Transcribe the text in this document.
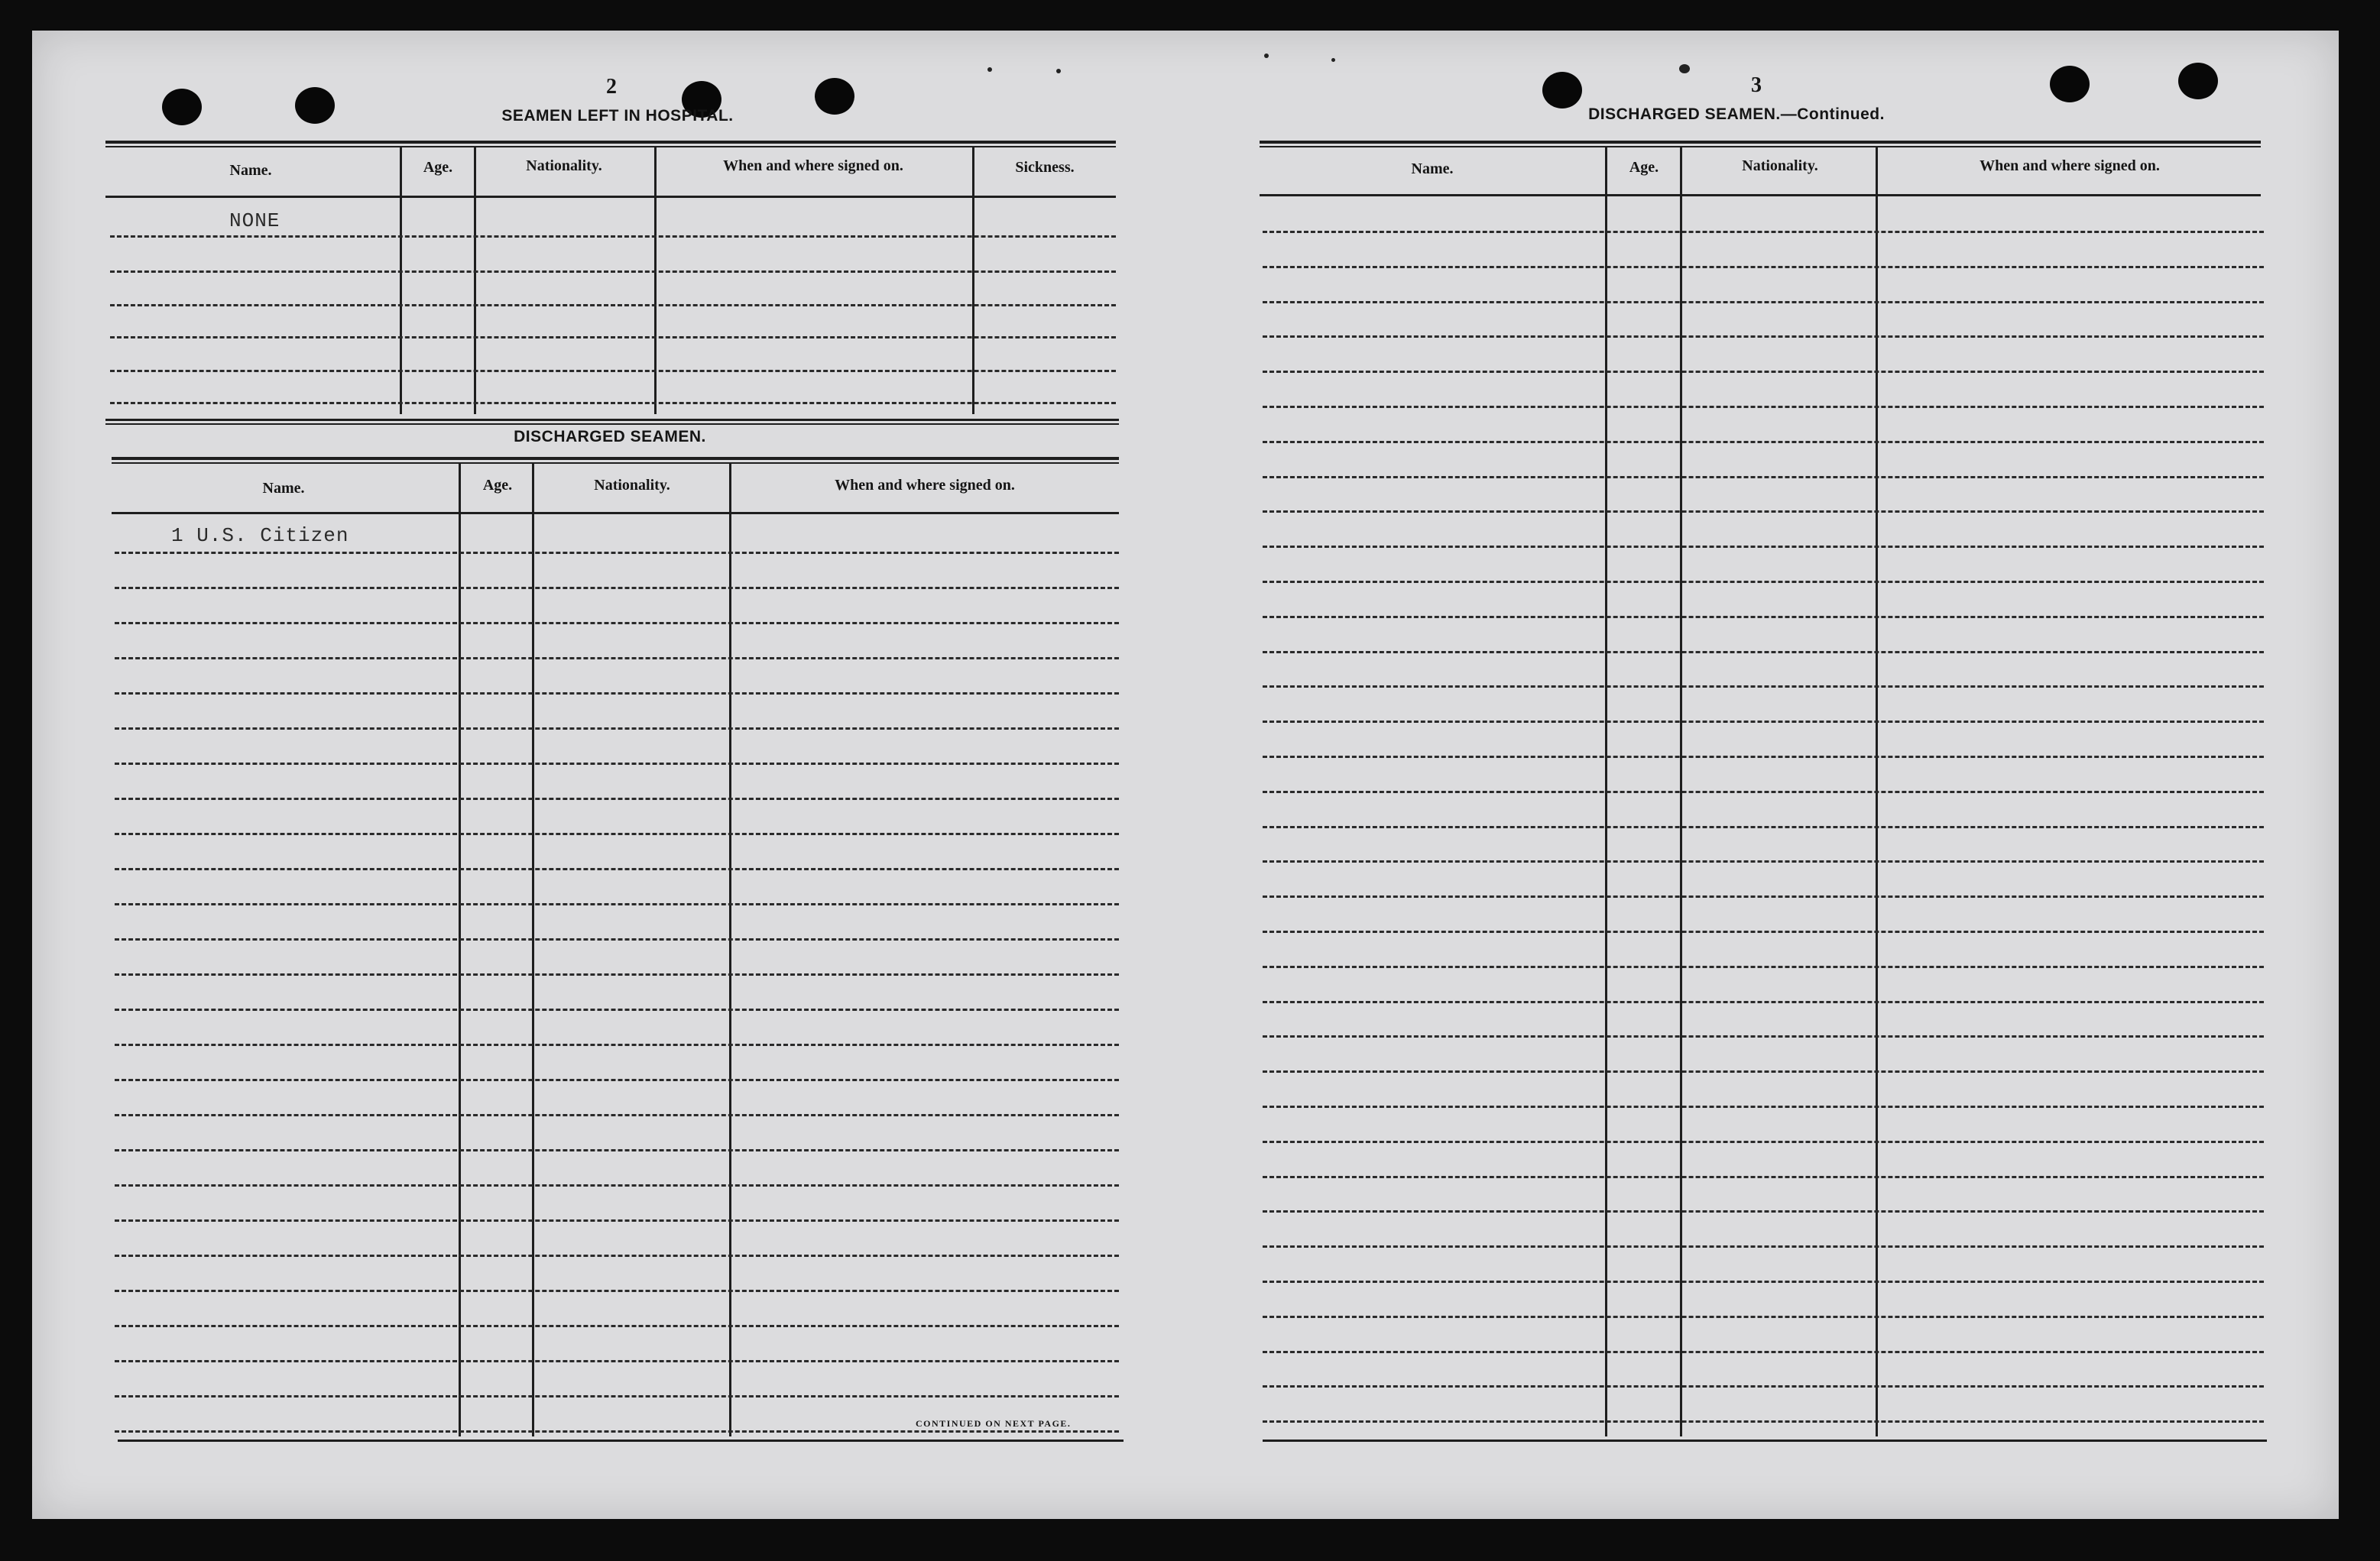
2
SEAMEN LEFT IN HOSPITAL.
Name.	Age.	Nationality.	When and where signed on.	Sickness.
NONE
DISCHARGED SEAMEN.
Name.	Age.	Nationality.	When and where signed on.
1 U.S. Citizen
CONTINUED ON NEXT PAGE.
3
DISCHARGED SEAMEN.—Continued.
Name.	Age.	Nationality.	When and where signed on.
